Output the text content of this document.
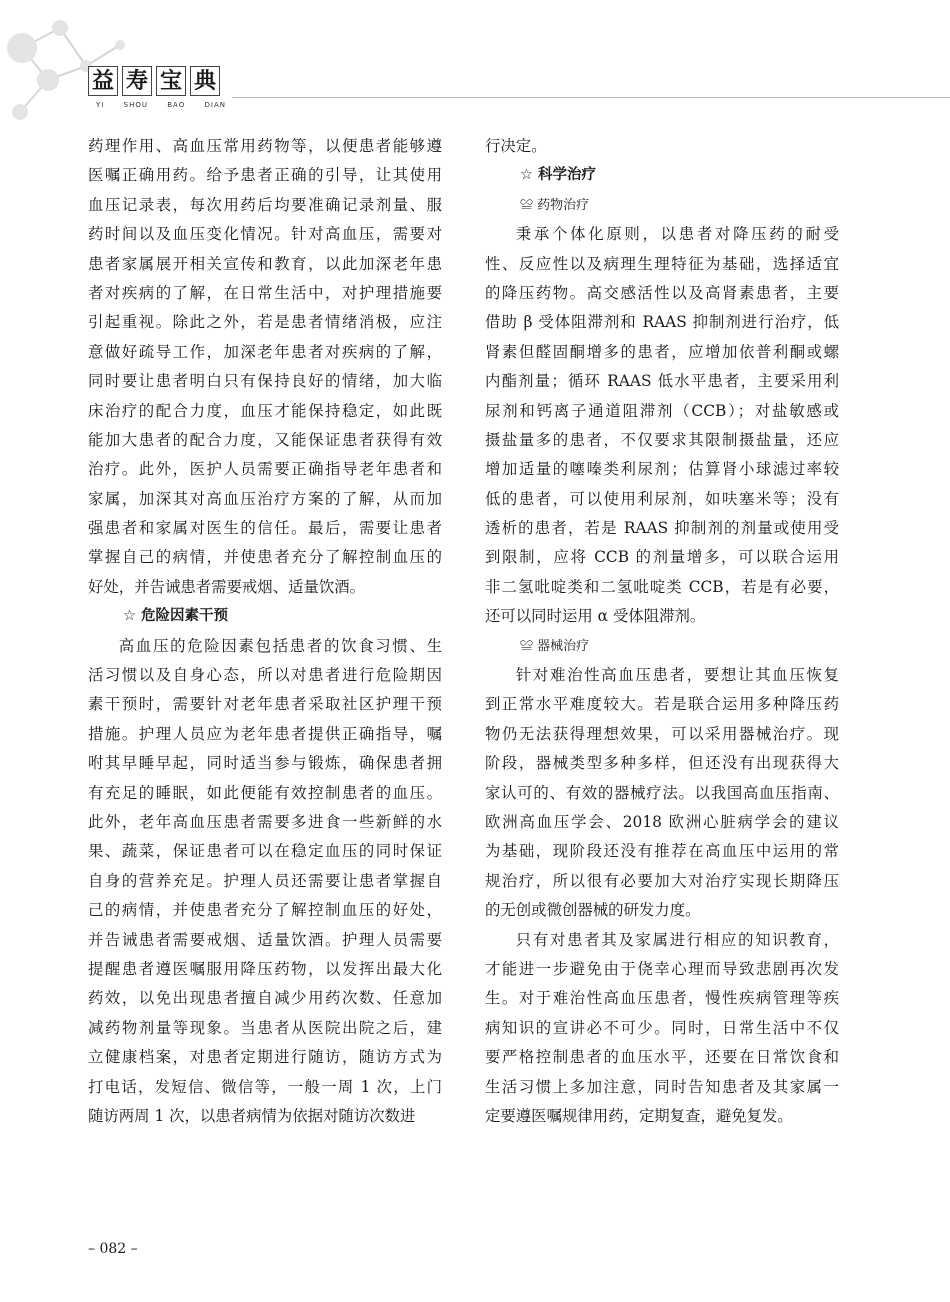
益 寿 宝 典
YI	SHOU	BAO	DIAN
药理作用、高血压常用药物等，以便患者能够遵
医嘱正确用药。给予患者正确的引导，让其使用
血压记录表，每次用药后均要准确记录剂量、服
药时间以及血压变化情况。针对高血压，需要对
患者家属展开相关宣传和教育，以此加深老年患
者对疾病的了解，在日常生活中，对护理措施要
引起重视。除此之外，若是患者情绪消极，应注
意做好疏导工作，加深老年患者对疾病的了解，
同时要让患者明白只有保持良好的情绪，加大临
床治疗的配合力度，血压才能保持稳定，如此既
能加大患者的配合力度，又能保证患者获得有效
治疗。此外，医护人员需要正确指导老年患者和
家属，加深其对高血压治疗方案的了解，从而加
强患者和家属对医生的信任。最后，需要让患者
掌握自己的病情，并使患者充分了解控制血压的
好处，并告诫患者需要戒烟、适量饮酒。
☆ 危险因素干预
高血压的危险因素包括患者的饮食习惯、生
活习惯以及自身心态，所以对患者进行危险期因
素干预时，需要针对老年患者采取社区护理干预
措施。护理人员应为老年患者提供正确指导，嘱
咐其早睡早起，同时适当参与锻炼，确保患者拥
有充足的睡眠，如此便能有效控制患者的血压。
此外，老年高血压患者需要多进食一些新鲜的水
果、蔬菜，保证患者可以在稳定血压的同时保证
自身的营养充足。护理人员还需要让患者掌握自
己的病情，并使患者充分了解控制血压的好处，
并告诫患者需要戒烟、适量饮酒。护理人员需要
提醒患者遵医嘱服用降压药物，以发挥出最大化
药效，以免出现患者擅自减少用药次数、任意加
减药物剂量等现象。当患者从医院出院之后，建
立健康档案，对患者定期进行随访，随访方式为
打电话，发短信、微信等，一般一周 1 次，上门
随访两周 1 次，以患者病情为依据对随访次数进
行决定。
☆ 科学治疗
≌ 药物治疗
秉承个体化原则，以患者对降压药的耐受
性、反应性以及病理生理特征为基础，选择适宜
的降压药物。高交感活性以及高肾素患者，主要
借助 β 受体阻滞剂和 RAAS 抑制剂进行治疗，低
肾素但醛固酮增多的患者，应增加依普利酮或螺
内酯剂量；循环 RAAS 低水平患者，主要采用利
尿剂和钙离子通道阻滞剂（CCB）；对盐敏感或
摄盐量多的患者，不仅要求其限制摄盐量，还应
增加适量的噻嗪类利尿剂；估算肾小球滤过率较
低的患者，可以使用利尿剂，如呋塞米等；没有
透析的患者，若是 RAAS 抑制剂的剂量或使用受
到限制，应将 CCB 的剂量增多，可以联合运用
非二氢吡啶类和二氢吡啶类 CCB，若是有必要，
还可以同时运用 α 受体阻滞剂。
≌ 器械治疗
针对难治性高血压患者，要想让其血压恢复
到正常水平难度较大。若是联合运用多种降压药
物仍无法获得理想效果，可以采用器械治疗。现
阶段，器械类型多种多样，但还没有出现获得大
家认可的、有效的器械疗法。以我国高血压指南、
欧洲高血压学会、2018 欧洲心脏病学会的建议
为基础，现阶段还没有推荐在高血压中运用的常
规治疗，所以很有必要加大对治疗实现长期降压
的无创或微创器械的研发力度。
只有对患者其及家属进行相应的知识教育，
才能进一步避免由于侥幸心理而导致悲剧再次发
生。对于难治性高血压患者，慢性疾病管理等疾
病知识的宣讲必不可少。同时，日常生活中不仅
要严格控制患者的血压水平，还要在日常饮食和
生活习惯上多加注意，同时告知患者及其家属一
定要遵医嘱规律用药，定期复查，避免复发。
– 082 –
